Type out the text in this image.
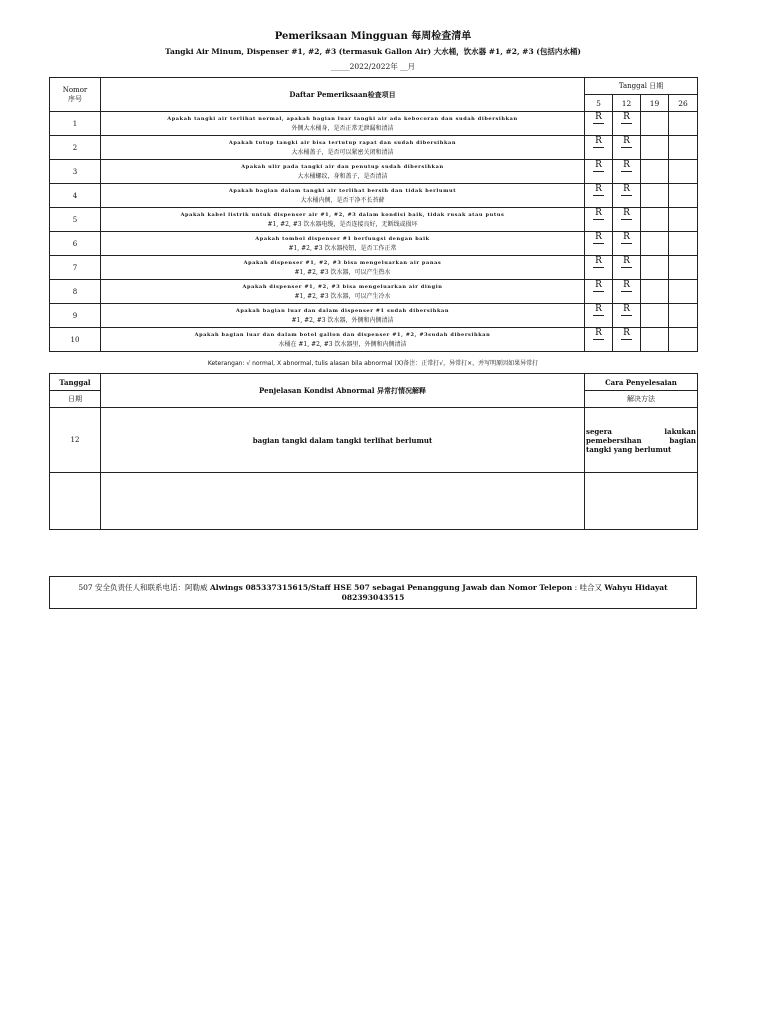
Pemeriksaan Mingguan 每周检查清单
Tangki Air Minum, Dispenser #1, #2, #3 (termasuk Gallon Air) 大水桶，饮水器 #1, #2, #3 (包括内水桶)
_____2022/2022年 __月
Nomor
序号	Daftar Pemeriksaan检查项目	Tanggal 日期			
		5	12	19	26
1	Apakah tangki air terlihat normal, apakah bagian luar tangki air ada kebocoran dan sudah dibersihkan
外侧大水桶身，是否正常无泄漏和清洁	R	R		
2	Apakah tutup tangki air bisa tertutup rapat dan sudah dibersihkan
大水桶盖子，是否可以紧密关闭和清洁	R	R		
3	Apakah ulir pada tangki air dan penutup sudah dibersihkan
大水桶螺纹，身和盖子，是否清洁	R	R		
4	Apakah bagian dalam tangki air terlihat bersih dan tidak berlumut
大水桶内侧，是否干净不长苔藓	R	R		
5	Apakah kabel listrik untuk dispenser air #1, #2, #3 dalam kondisi baik, tidak rusak atau putus
#1, #2, #3 饮水器电缆，是否连接良好，无断线或损坏	R	R		
6	Apakah tombol dispenser #1 berfungsi dengan baik
#1, #2, #3 饮水器按钮，是否工作正常	R	R		
7	Apakah dispenser #1, #2, #3 bisa mengeluarkan air panas
#1, #2, #3 饮水器，可以产生热水	R	R		
8	Apakah dispenser #1, #2, #3 bisa mengeluarkan air dingin
#1, #2, #3 饮水器，可以产生冷水	R	R		
9	Apakah bagian luar dan dalam dispenser #1 sudah dibersihkan
#1, #2, #3 饮水器，外侧和内侧清洁	R	R		
10	Apakah bagian luar dan dalam botol gallon dan dispenser #1, #2, #3sudah dibersihkan
水桶在 #1, #2, #3 饮水器里，外侧和内侧清洁	R	R		
Keterangan: √ normal, X abnormal, tulis alasan bila abnormal (X)备注：正常打√，异常打×，并写明原因如果异常打
Tanggal	Penjelasan Kondisi Abnormal 异常打情况解释	Cara Penyelesaian
日期		解决方法
12	bagian tangki dalam tangki terlihat berlumut	segera lakukan
pemebersihan bagian
tangki yang berlumut

507 安全负责任人和联系电话：阿勒威 Alwings 085337315615/Staff HSE 507 sebagai Penanggung Jawab dan Nomor Telepon : 哇合又 Wahyu Hidayat
082393043515
